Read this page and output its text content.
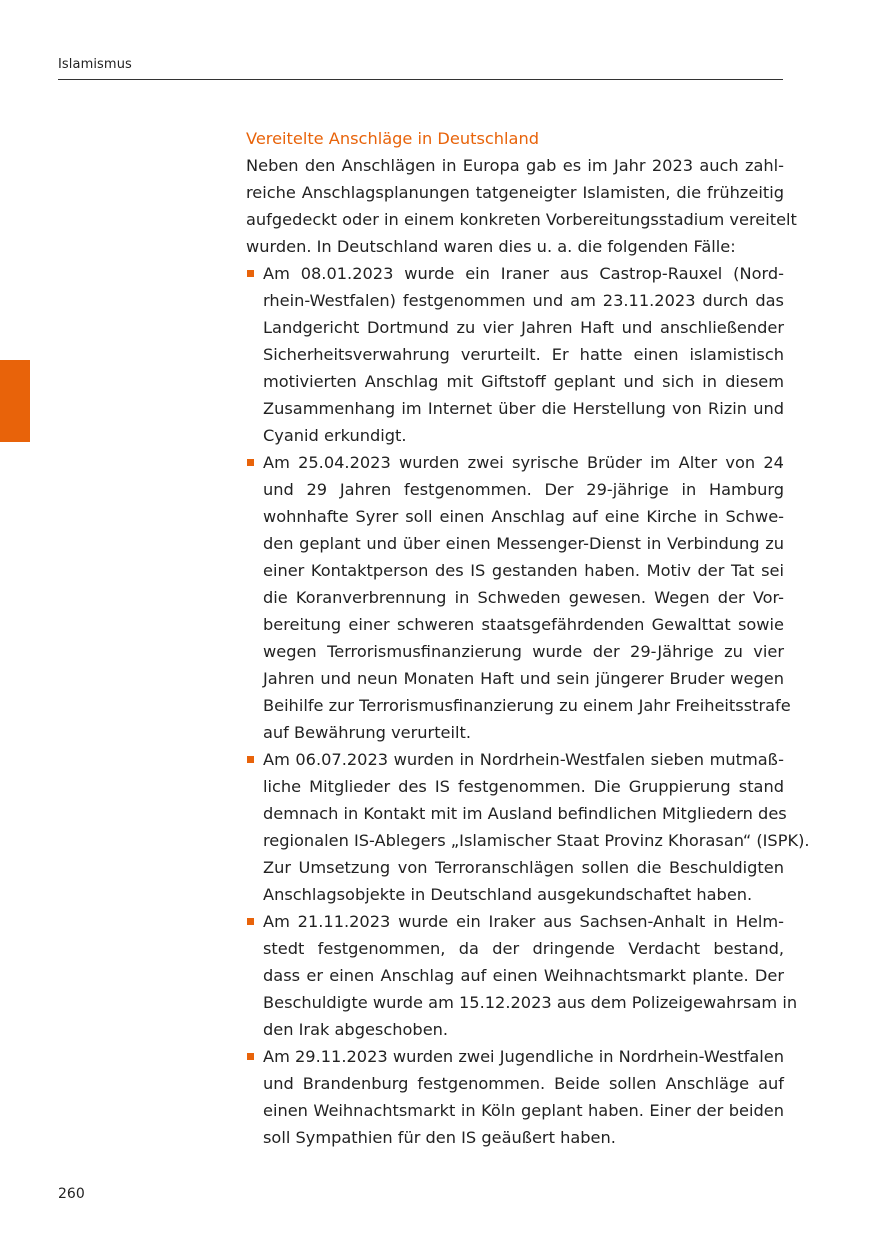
Islamismus
Vereitelte Anschläge in Deutschland
Neben den Anschlägen in Europa gab es im Jahr 2023 auch zahl-
reiche Anschlagsplanungen tatgeneigter Islamisten, die frühzeitig
aufgedeckt oder in einem konkreten Vorbereitungsstadium vereitelt
wurden. In Deutschland waren dies u. a. die folgenden Fälle:
Am 08.01.2023 wurde ein Iraner aus Castrop-Rauxel (Nord-
rhein-Westfalen) festgenommen und am 23.11.2023 durch das
Landgericht Dortmund zu vier Jahren Haft und anschließender
Sicherheitsverwahrung verurteilt. Er hatte einen islamistisch
motivierten Anschlag mit Giftstoff geplant und sich in diesem
Zusammenhang im Internet über die Herstellung von Rizin und
Cyanid erkundigt.
Am 25.04.2023 wurden zwei syrische Brüder im Alter von 24
und 29 Jahren festgenommen. Der 29-jährige in Hamburg
wohnhafte Syrer soll einen Anschlag auf eine Kirche in Schwe-
den geplant und über einen Messenger-Dienst in Verbindung zu
einer Kontaktperson des IS gestanden haben. Motiv der Tat sei
die Koranverbrennung in Schweden gewesen. Wegen der Vor-
bereitung einer schweren staatsgefährdenden Gewalttat sowie
wegen Terrorismusfinanzierung wurde der 29-Jährige zu vier
Jahren und neun Monaten Haft und sein jüngerer Bruder wegen
Beihilfe zur Terrorismusfinanzierung zu einem Jahr Freiheitsstrafe
auf Bewährung verurteilt.
Am 06.07.2023 wurden in Nordrhein-Westfalen sieben mutmaß-
liche Mitglieder des IS festgenommen. Die Gruppierung stand
demnach in Kontakt mit im Ausland befindlichen Mitgliedern des
regionalen IS-Ablegers „Islamischer Staat Provinz Khorasan“ (ISPK).
Zur Umsetzung von Terroranschlägen sollen die Beschuldigten
Anschlagsobjekte in Deutschland ausgekundschaftet haben.
Am 21.11.2023 wurde ein Iraker aus Sachsen-Anhalt in Helm-
stedt festgenommen, da der dringende Verdacht bestand,
dass er einen Anschlag auf einen Weihnachtsmarkt plante. Der
Beschuldigte wurde am 15.12.2023 aus dem Polizeigewahrsam in
den Irak abgeschoben.
Am 29.11.2023 wurden zwei Jugendliche in Nordrhein-Westfalen
und Brandenburg festgenommen. Beide sollen Anschläge auf
einen Weihnachtsmarkt in Köln geplant haben. Einer der beiden
soll Sympathien für den IS geäußert haben.
260
